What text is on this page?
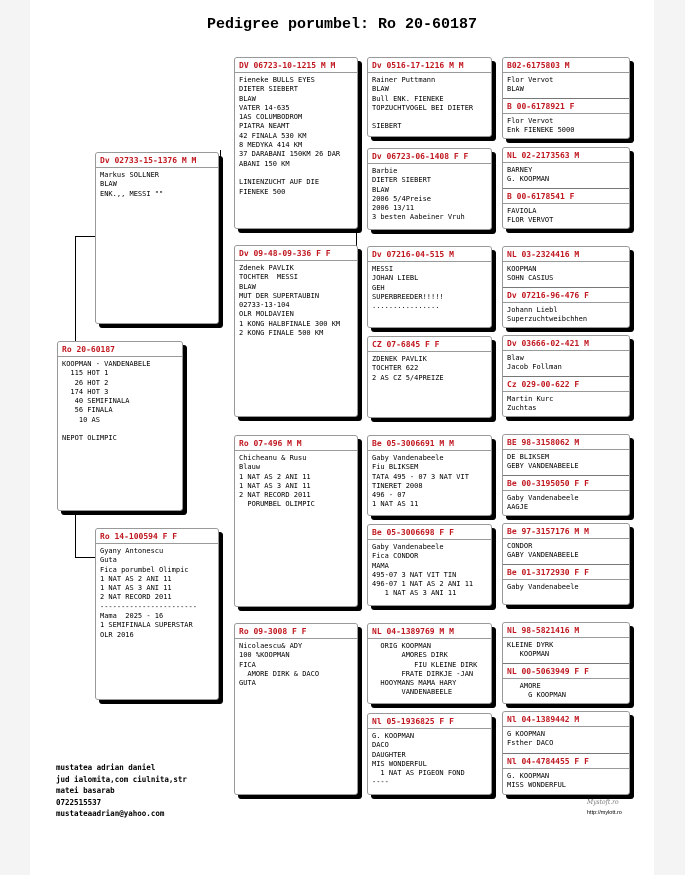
Pedigree porumbel: Ro 20-60187
Ro 20-60187
KOOPMAN - VANDENABELE
115 HOT 1
26 HOT 2
174 HOT 3
40 SEMIFINALA
56 FINALA
10 AS

NEPOT OLIMPIC
Dv 02733-15-1376 M M
Markus SOLLNER
BLAW
ENK.,, MESSI ""
Ro 14-100594 F F
Gyany Antonescu
Guta
Fica porumbel Olimpic
1 NAT AS 2 ANI 11
1 NAT AS 3 ANI 11
2 NAT RECORD 2011
-----------------------
Mama  2025 - 16
1 SEMIFINALA SUPERSTAR
OLR 2016
DV 06723-10-1215 M M
Fieneke BULLS EYES
DIETER SIEBERT
BLAW
VATER 14-635
1AS COLUMBODROM
PIATRA NEAMT
42 FINALA 530 KM
8 MEDYKA 414 KM
37 DARABANI 150KM 26 DAR
ABANI 150 KM

LINIENZUCHT AUF DIE
FIENEKE 500
Dv 09-48-09-336 F F
Zdenek PAVLIK
TOCHTER  MESSI
BLAW
MUT DER SUPERTAUBIN
02733-13-104
OLR MOLDAVIEN
1 KONG HALBFINALE 300 KM
2 KONG FINALE 500 KM
Ro 07-496 M M
Chicheanu & Rusu
Blauw
1 NAT AS 2 ANI 11
1 NAT AS 3 ANI 11
2 NAT RECORD 2011
PORUMBEL OLIMPIC
Ro 09-3008 F F
Nicolaescu& ADY
100 %KOOPMAN
FICA
AMORE DIRK & DACO
GUTA
Dv 0516-17-1216 M M
Rainer Puttmann
BLAW
Bull ENK. FIENEKE
TOPZUCHTVOGEL BEI DIETER

SIEBERT
Dv 06723-06-1408 F F
Barbie
DIETER SIEBERT
BLAW
2006 5/4Preise
2006 13/11
3 besten Aabeiner Vruh
Dv 07216-04-515 M
MESSI
JOHAN LIEBL
GEH
SUPERBREEDER!!!!!
................
CZ 07-6845 F F
ZDENEK PAVLIK
TOCHTER 622
2 AS CZ 5/4PREIZE
Be 05-3006691 M M
Gaby Vandenabeele
Fiu BLIKSEM
TATA 495 - 07 3 NAT VIT
TINERET 2008
496 - 07
1 NAT AS 11
Be 05-3006698 F F
Gaby Vandenabeele
Fica CONDOR
MAMA
495-07 3 NAT VIT TIN
496-07 1 NAT AS 2 ANI 11
1 NAT AS 3 ANI 11
NL 04-1389769 M M
ORIG KOOPMAN
AMORES DIRK
FIU KLEINE DIRK
FRATE DIRKJE -JAN
HOOYMANS MAMA HARY
VANDENABEELE
Nl 05-1936825 F F
G. KOOPMAN
DACO
DAUGHTER
MIS WONDERFUL
1 NAT AS PIGEON FOND
----
B02-6175803 M
Flor Vervot
BLAW
B 00-6178921 F
Flor Vervot
Enk FIENEKE 5000
NL 02-2173563 M
BARNEY
G. KOOPMAN
B 00-6178541 F
FAVIOLA
FLOR VERVOT
NL 03-2324416 M
KOOPMAN
SOHN CASIUS
Dv 07216-96-476 F
Johann Liebl
Superzuchtweibchhen
Dv 03666-02-421 M
Blaw
Jacob Follman
Cz 029-00-622 F
Martin Kurc
Zuchtas
BE 98-3158062 M
DE BLIKSEM
GEBY VANDENABEELE
Be 00-3195050 F F
Gaby Vandenabeele
AAGJE
Be 97-3157176 M M
CONDOR
GABY VANDENABEELE
Be 01-3172930 F F
Gaby Vandenabeele
NL 98-5821416 M
KLEINE DYRK
KOOPMAN
NL 00-5063949 F F
AMORE
G KOOPMAN
Nl 04-1389442 M
G KOOPMAN
Fsther DACO
Nl 04-4784455 F F
G. KOOPMAN
MISS WONDERFUL
mustatea adrian daniel
jud ialomita,com ciulnita,str
matei basarab
0722515537
mustateaadrian@yahoo.com
Mystoft.ro
http://mylott.ro
